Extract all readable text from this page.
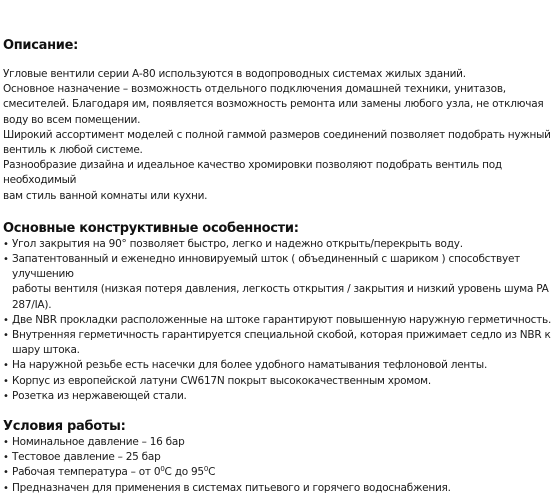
Описание:

Угловые вентили серии А-80 используются в водопроводных системах жилых зданий.

Основное назначение – возможность отдельного подключения домашней техники, унитазов,
смесителей. Благодаря им, появляется возможность ремонта или замены любого узла, не отключая
воду во всем помещении.

Широкий ассортимент моделей с полной гаммой размеров соединений позволяет подобрать нужный
вентиль к любой системе.

Разнообразие дизайна и идеальное качество хромировки позволяют подобрать вентиль под необходимый
вам стиль ванной комнаты или кухни.

Основные конструктивные особенности:
• Угол закрытия на 90° позволяет быстро, легко и надежно открыть/перекрыть воду.
• Запатентованный и еженедно инновируемый шток ( объединенный с шариком ) способствует улучшению
работы вентиля (низкая потеря давления, легкость открытия / закрытия и низкий уровень шума PA 287/IA).
• Две NBR прокладки расположенные на штоке гарантируют повышенную наружную герметичность.
• Внутренняя герметичность гарантируется специальной скобой, которая прижимает седло из NBR к
шару штока.
• На наружной резьбе есть насечки для более удобного наматывания тефлоновой ленты.
• Корпус из европейской латуни CW617N покрыт высококачественным хромом.
• Розетка из нержавеющей стали.
Условия работы:
• Номинальное давление – 16 бар
• Тестовое давление – 25 бар
• Рабочая температура – от $0^0C$ до $95^0C$
• Предназначен для применения в системах питьевого и горячего водоснабжения.
